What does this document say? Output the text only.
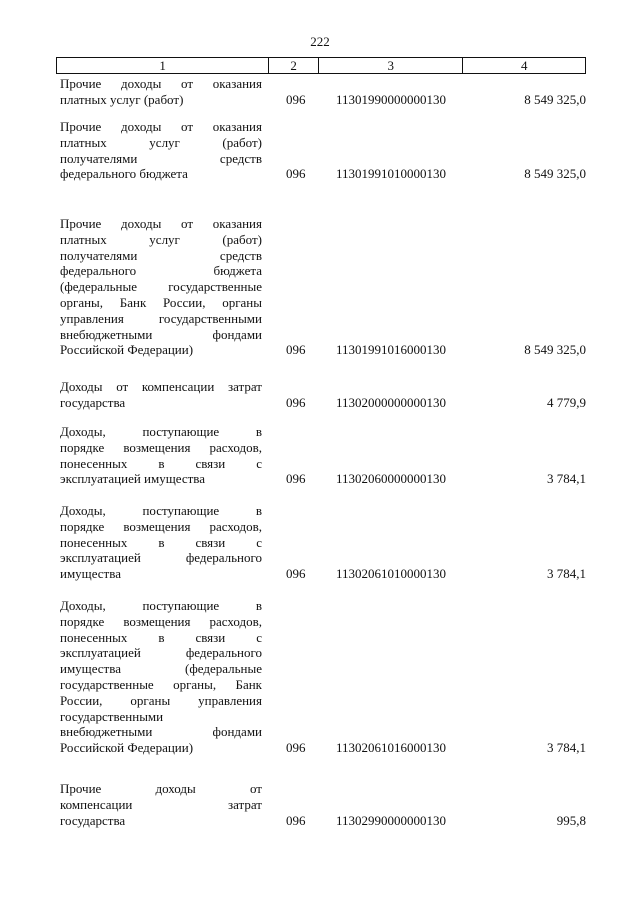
222
1	2	3	4
Прочие доходы от оказания
платных услуг (работ)	096	11301990000000130	8 549 325,0
Прочие доходы от оказания
платных услуг (работ)
получателями средств
федерального бюджета	096	11301991010000130	8 549 325,0
Прочие доходы от оказания
платных услуг (работ)
получателями средств
федерального бюджета
(федеральные государственные
органы, Банк России, органы
управления государственными
внебюджетными фондами
Российской Федерации)	096	11301991016000130	8 549 325,0
Доходы от компенсации затрат
государства	096	11302000000000130	4 779,9
Доходы, поступающие в
порядке возмещения расходов,
понесенных в связи с
эксплуатацией имущества	096	11302060000000130	3 784,1
Доходы, поступающие в
порядке возмещения расходов,
понесенных в связи с
эксплуатацией федерального
имущества	096	11302061010000130	3 784,1
Доходы, поступающие в
порядке возмещения расходов,
понесенных в связи с
эксплуатацией федерального
имущества (федеральные
государственные органы, Банк
России, органы управления
государственными
внебюджетными фондами
Российской Федерации)	096	11302061016000130	3 784,1
Прочие доходы от
компенсации затрат
государства	096	11302990000000130	995,8
